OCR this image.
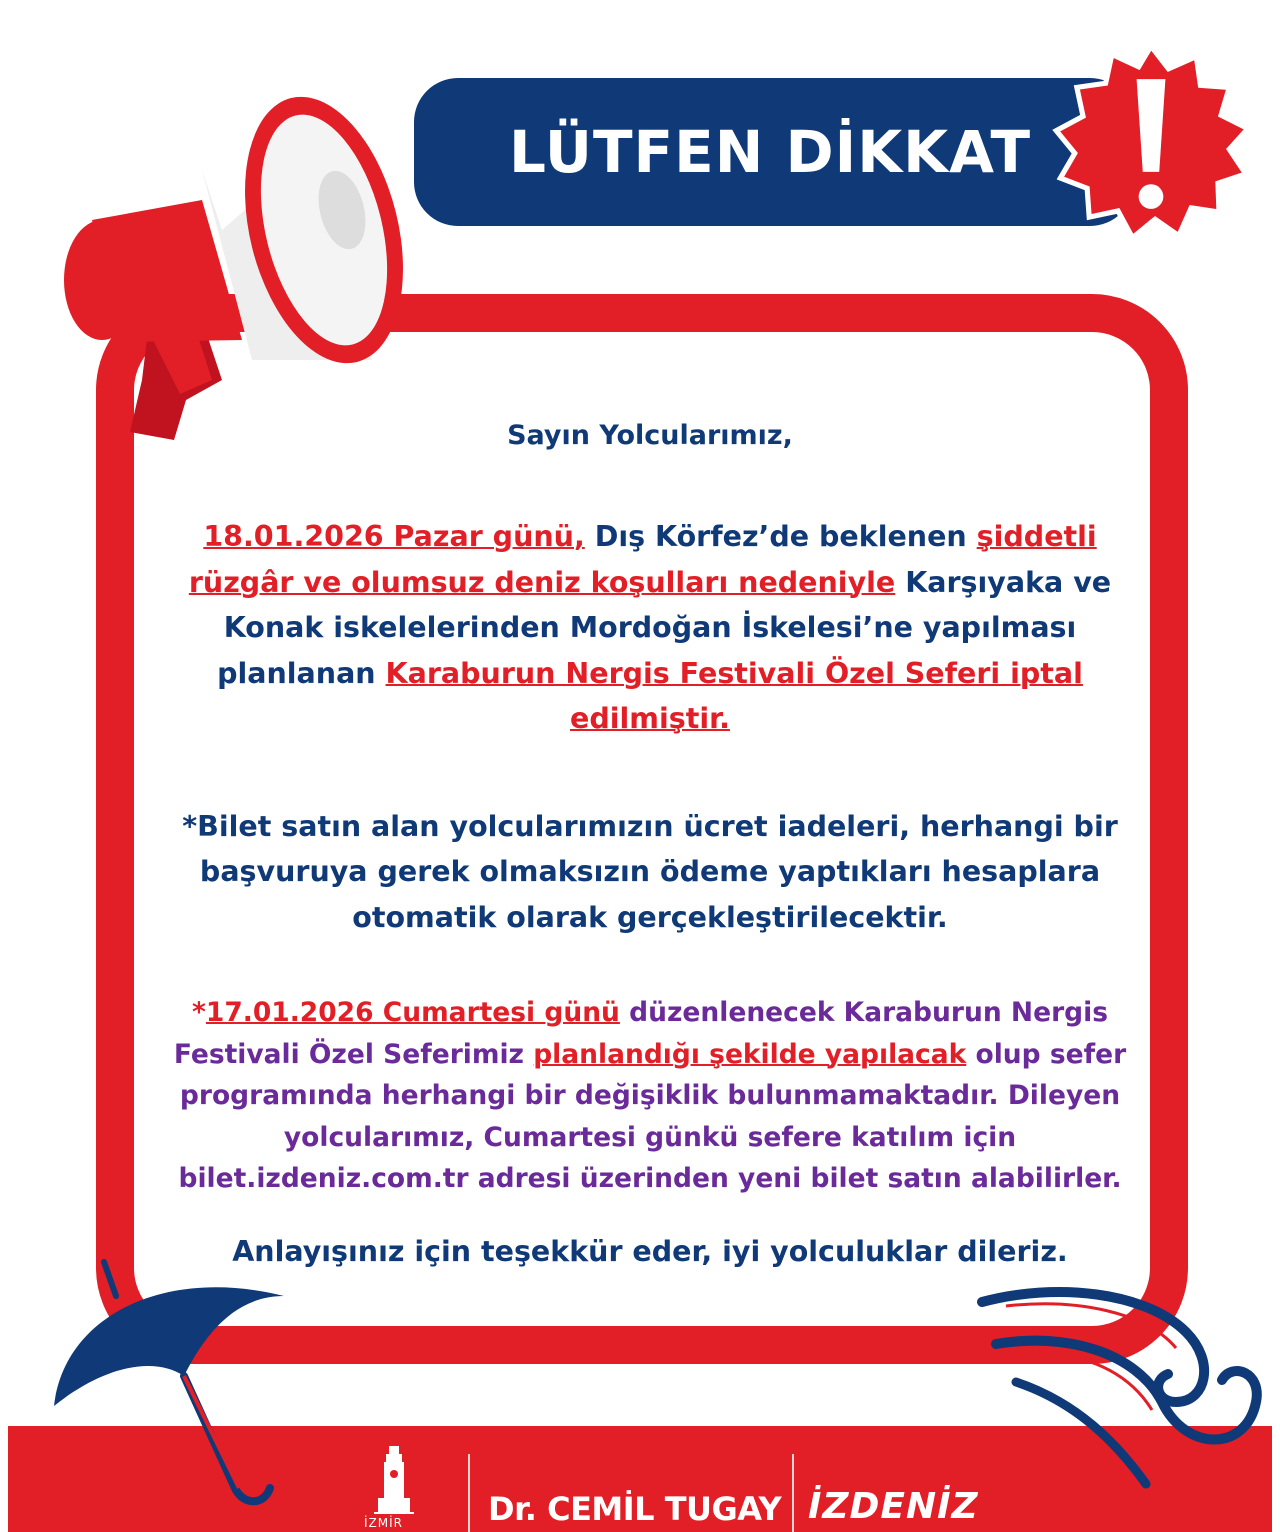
LÜTFEN DİKKAT

Sayın Yolcularımız,

18.01.2026 Pazar günü, Dış Körfez’de beklenen şiddetli rüzgâr ve olumsuz deniz koşulları nedeniyle Karşıyaka ve Konak iskelelerinden Mordoğan İskelesi’ne yapılması planlanan Karaburun Nergis Festivali Özel Seferi iptal edilmiştir.

*Bilet satın alan yolcularımızın ücret iadeleri, herhangi bir başvuruya gerek olmaksızın ödeme yaptıkları hesaplara otomatik olarak gerçekleştirilecektir.

*17.01.2026 Cumartesi günü düzenlenecek Karaburun Nergis Festivali Özel Seferimiz planlandığı şekilde yapılacak olup sefer programında herhangi bir değişiklik bulunmamaktadır. Dileyen yolcularımız, Cumartesi günkü sefere katılım için bilet.izdeniz.com.tr adresi üzerinden yeni bilet satın alabilirler.

Anlayışınız için teşekkür eder, iyi yolculuklar dileriz.

İZMİR	Dr. CEMİL TUGAY İZDENİZ
